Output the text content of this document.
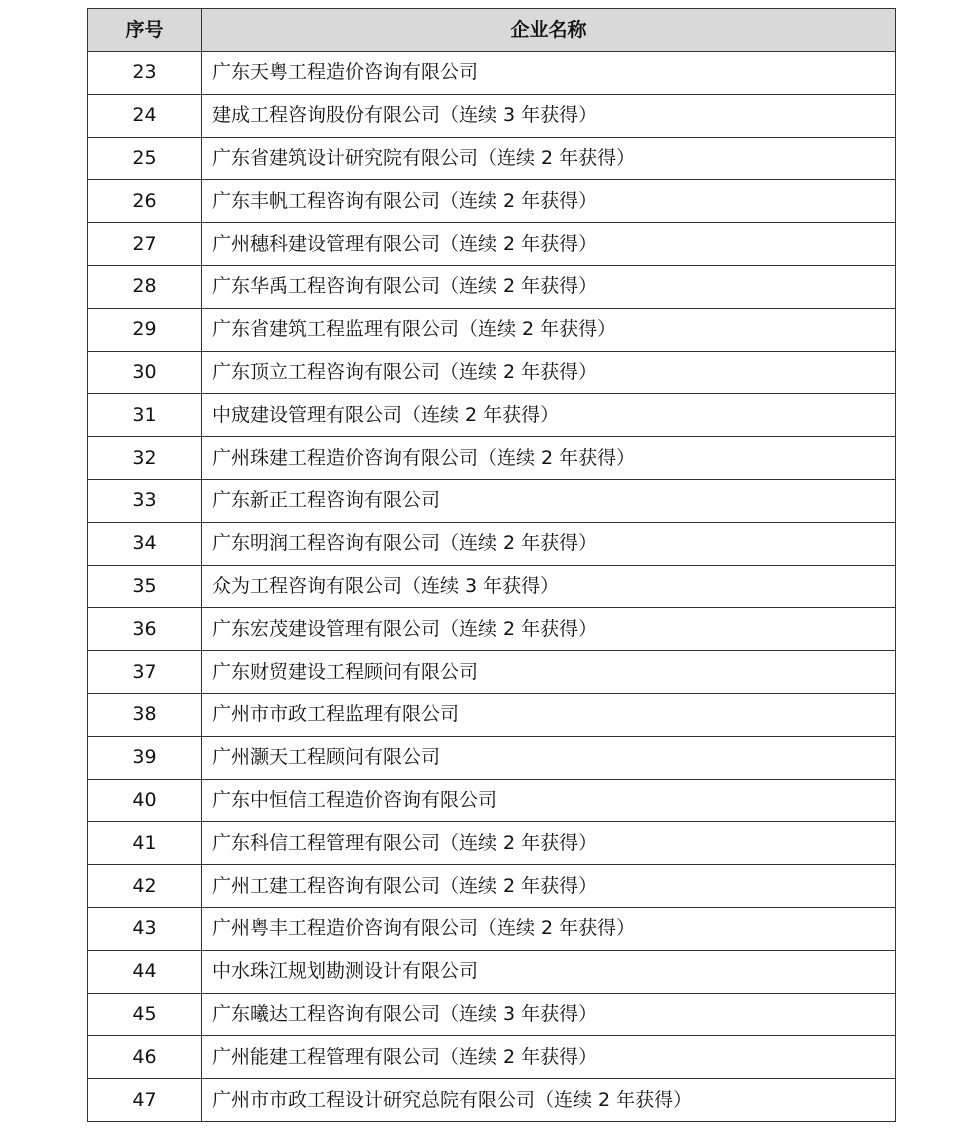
序号	企业名称
23	广东天粤工程造价咨询有限公司
24	建成工程咨询股份有限公司（连续 3 年获得）
25	广东省建筑设计研究院有限公司（连续 2 年获得）
26	广东丰帆工程咨询有限公司（连续 2 年获得）
27	广州穗科建设管理有限公司（连续 2 年获得）
28	广东华禹工程咨询有限公司（连续 2 年获得）
29	广东省建筑工程监理有限公司（连续 2 年获得）
30	广东顶立工程咨询有限公司（连续 2 年获得）
31	中宬建设管理有限公司（连续 2 年获得）
32	广州珠建工程造价咨询有限公司（连续 2 年获得）
33	广东新正工程咨询有限公司
34	广东明润工程咨询有限公司（连续 2 年获得）
35	众为工程咨询有限公司（连续 3 年获得）
36	广东宏茂建设管理有限公司（连续 2 年获得）
37	广东财贸建设工程顾问有限公司
38	广州市市政工程监理有限公司
39	广州灏天工程顾问有限公司
40	广东中恒信工程造价咨询有限公司
41	广东科信工程管理有限公司（连续 2 年获得）
42	广州工建工程咨询有限公司（连续 2 年获得）
43	广州粤丰工程造价咨询有限公司（连续 2 年获得）
44	中水珠江规划勘测设计有限公司
45	广东曦达工程咨询有限公司（连续 3 年获得）
46	广州能建工程管理有限公司（连续 2 年获得）
47	广州市市政工程设计研究总院有限公司（连续 2 年获得）
